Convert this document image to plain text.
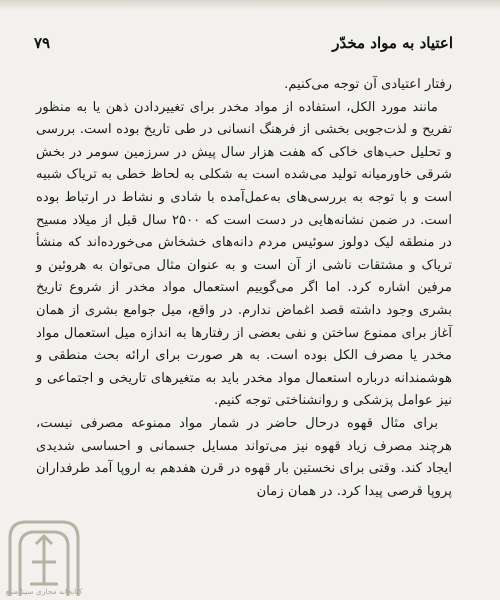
اعتیاد به مواد مخدّر
۷۹

رفتار اعتیادی آن توجه می‌کنیم.

مانند مورد الکل، استفاده از مواد مخدر برای تغییردادن ذهن یا به منظور تفریح و لذت‌جویی بخشی از فرهنگ انسانی در طی تاریخ بوده است. بررسی و تحلیل حب‌های خاکی که هفت هزار سال پیش در سرزمین سومر در بخش شرقی خاورمیانه تولید می‌شده است به شکلی به لحاظ خطی به تریاک شبیه است و با توجه به بررسی‌های به‌عمل‌آمده با شادی و نشاط در ارتباط بوده است. در ضمن نشانه‌هایی در دست است که ۲۵۰۰ سال قبل از میلاد مسیح در منطقه لیک دولوز سوئیس مردم دانه‌های خشخاش می‌خورده‌اند که منشأ تریاک و مشتقات ناشی از آن است و به عنوان مثال می‌توان به هروئین و مرفین اشاره کرد. اما اگر می‌گوییم استعمال مواد مخدر از شروع تاریخ بشری وجود داشته قصد اغماض ندارم. در واقع، میل جوامع بشری از همان آغاز برای ممنوع ساختن و نفی بعضی از رفتارها به اندازه میل استعمال مواد مخدر یا مصرف الکل بوده است. به هر صورت برای ارائه بحث منطقی و هوشمندانه درباره استعمال مواد مخدر باید به متغیرهای تاریخی و اجتماعی و نیز عوامل پزشکی و روانشناختی توجه کنیم.

برای مثال قهوه درحال حاضر در شمار مواد ممنوعه مصرفی نیست، هرچند مصرف زیاد قهوه نیز می‌تواند مسایل جسمانی و احساسی شدیدی ایجاد کند. وقتی برای نخستین بار قهوه در قرن هفدهم به اروپا آمد طرفداران پروپا قرصی پیدا کرد. در همان زمان

کتابخانه مجازی سینا منبع
